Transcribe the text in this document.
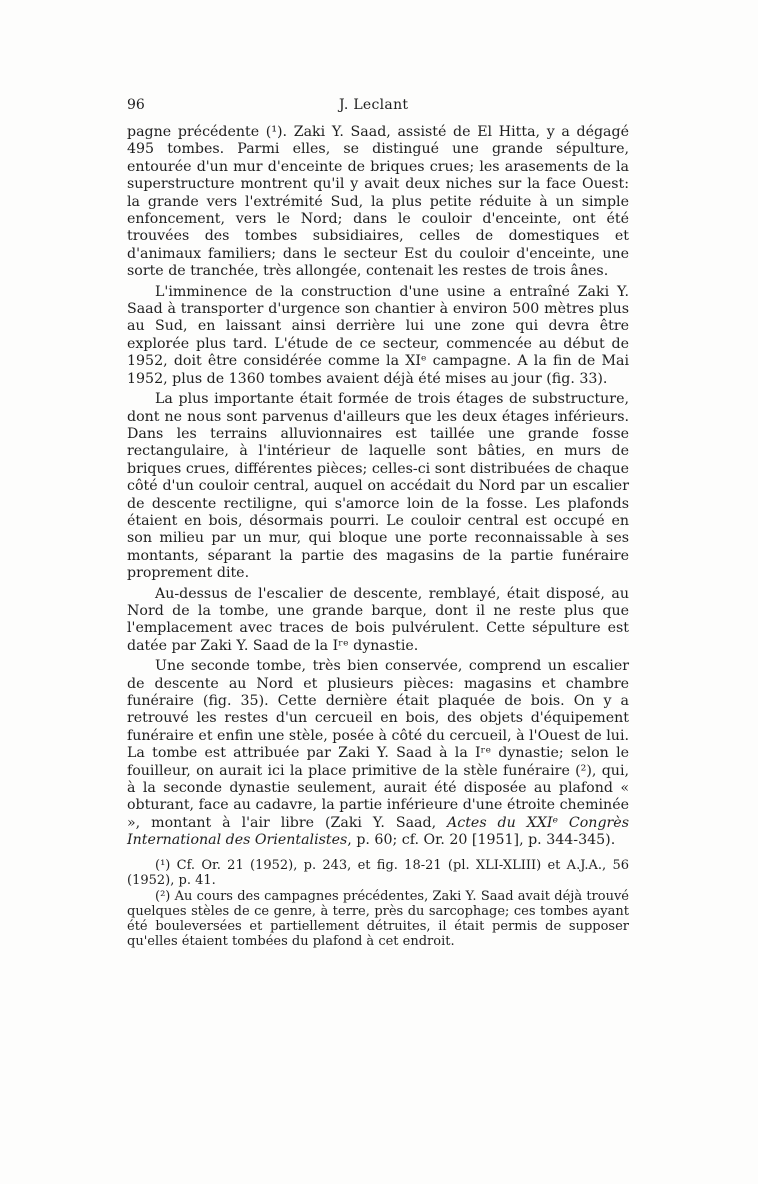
96	J. Leclant

pagne précédente (¹). Zaki Y. Saad, assisté de El Hitta, y a dégagé 495 tombes. Parmi elles, se distingué une grande sépulture, entourée d'un mur d'enceinte de briques crues; les arasements de la superstructure montrent qu'il y avait deux niches sur la face Ouest: la grande vers l'extrémité Sud, la plus petite réduite à un simple enfoncement, vers le Nord; dans le couloir d'enceinte, ont été trouvées des tombes subsidiaires, celles de domestiques et d'animaux familiers; dans le secteur Est du couloir d'enceinte, une sorte de tranchée, très allongée, contenait les restes de trois ânes.

L'imminence de la construction d'une usine a entraîné Zaki Y. Saad à transporter d'urgence son chantier à environ 500 mètres plus au Sud, en laissant ainsi derrière lui une zone qui devra être explorée plus tard. L'étude de ce secteur, commencée au début de 1952, doit être considérée comme la XIᵉ campagne. A la fin de Mai 1952, plus de 1360 tombes avaient déjà été mises au jour (fig. 33).

La plus importante était formée de trois étages de substructure, dont ne nous sont parvenus d'ailleurs que les deux étages inférieurs. Dans les terrains alluvionnaires est taillée une grande fosse rectangulaire, à l'intérieur de laquelle sont bâties, en murs de briques crues, différentes pièces; celles-ci sont distribuées de chaque côté d'un couloir central, auquel on accédait du Nord par un escalier de descente rectiligne, qui s'amorce loin de la fosse. Les plafonds étaient en bois, désormais pourri. Le couloir central est occupé en son milieu par un mur, qui bloque une porte reconnaissable à ses montants, séparant la partie des magasins de la partie funéraire proprement dite.

Au-dessus de l'escalier de descente, remblayé, était disposé, au Nord de la tombe, une grande barque, dont il ne reste plus que l'emplacement avec traces de bois pulvérulent. Cette sépulture est datée par Zaki Y. Saad de la Iʳᵉ dynastie.

Une seconde tombe, très bien conservée, comprend un escalier de descente au Nord et plusieurs pièces: magasins et chambre funéraire (fig. 35). Cette dernière était plaquée de bois. On y a retrouvé les restes d'un cercueil en bois, des objets d'équipement funéraire et enfin une stèle, posée à côté du cercueil, à l'Ouest de lui. La tombe est attribuée par Zaki Y. Saad à la Iʳᵉ dynastie; selon le fouilleur, on aurait ici la place primitive de la stèle funéraire (²), qui, à la seconde dynastie seulement, aurait été disposée au plafond « obturant, face au cadavre, la partie inférieure d'une étroite cheminée », montant à l'air libre (Zaki Y. Saad, Actes du XXIᵉ Congrès International des Orientalistes, p. 60; cf. Or. 20 [1951], p. 344-345).

(¹) Cf. Or. 21 (1952), p. 243, et fig. 18-21 (pl. XLI-XLIII) et A.J.A., 56 (1952), p. 41.

(²) Au cours des campagnes précédentes, Zaki Y. Saad avait déjà trouvé quelques stèles de ce genre, à terre, près du sarcophage; ces tombes ayant été bouleversées et partiellement détruites, il était permis de supposer qu'elles étaient tombées du plafond à cet endroit.
